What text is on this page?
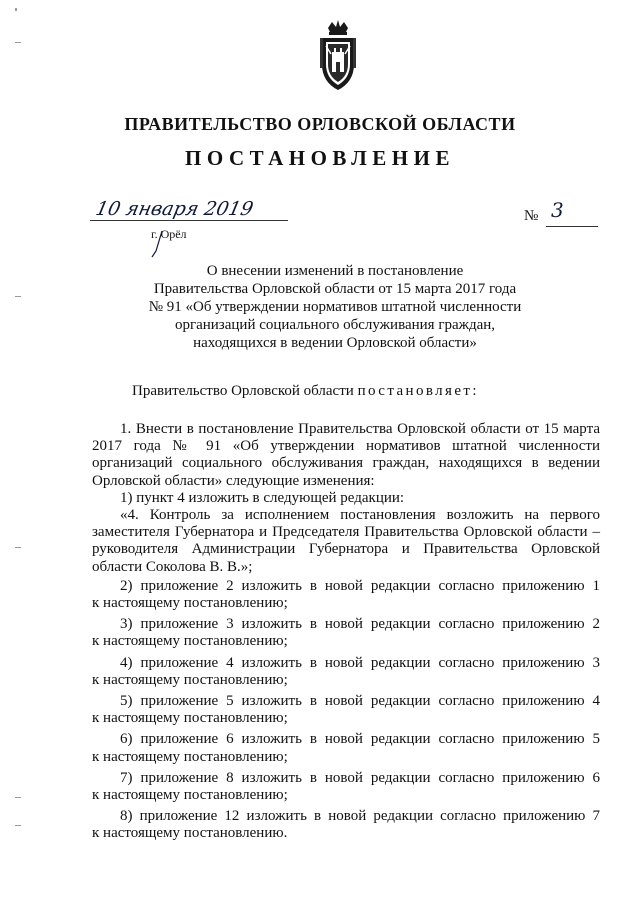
ПРАВИТЕЛЬСТВО ОРЛОВСКОЙ ОБЛАСТИ
ПОСТАНОВЛЕНИЕ
10 января 2019
г. Орёл
№ 3
О внесении изменений в постановление
Правительства Орловской области от 15 марта 2017 года
№ 91 «Об утверждении нормативов штатной численности
организаций социального обслуживания граждан,
находящихся в ведении Орловской области»
Правительство Орловской области постановляет:

1. Внести в постановление Правительства Орловской области от 15 марта

2017 года № 91 «Об утверждении нормативов штатной численности

организаций социального обслуживания граждан, находящихся в ведении

Орловской области» следующие изменения:

1) пункт 4 изложить в следующей редакции:

«4. Контроль за исполнением постановления возложить на первого

заместителя Губернатора и Председателя Правительства Орловской области –

руководителя Администрации Губернатора и Правительства Орловской

области Соколова В. В.»;

2) приложение 2 изложить в новой редакции согласно приложению 1

к настоящему постановлению;

3) приложение 3 изложить в новой редакции согласно приложению 2

к настоящему постановлению;

4) приложение 4 изложить в новой редакции согласно приложению 3

к настоящему постановлению;

5) приложение 5 изложить в новой редакции согласно приложению 4

к настоящему постановлению;

6) приложение 6 изложить в новой редакции согласно приложению 5

к настоящему постановлению;

7) приложение 8 изложить в новой редакции согласно приложению 6

к настоящему постановлению;

8) приложение 12 изложить в новой редакции согласно приложению 7

к настоящему постановлению.
